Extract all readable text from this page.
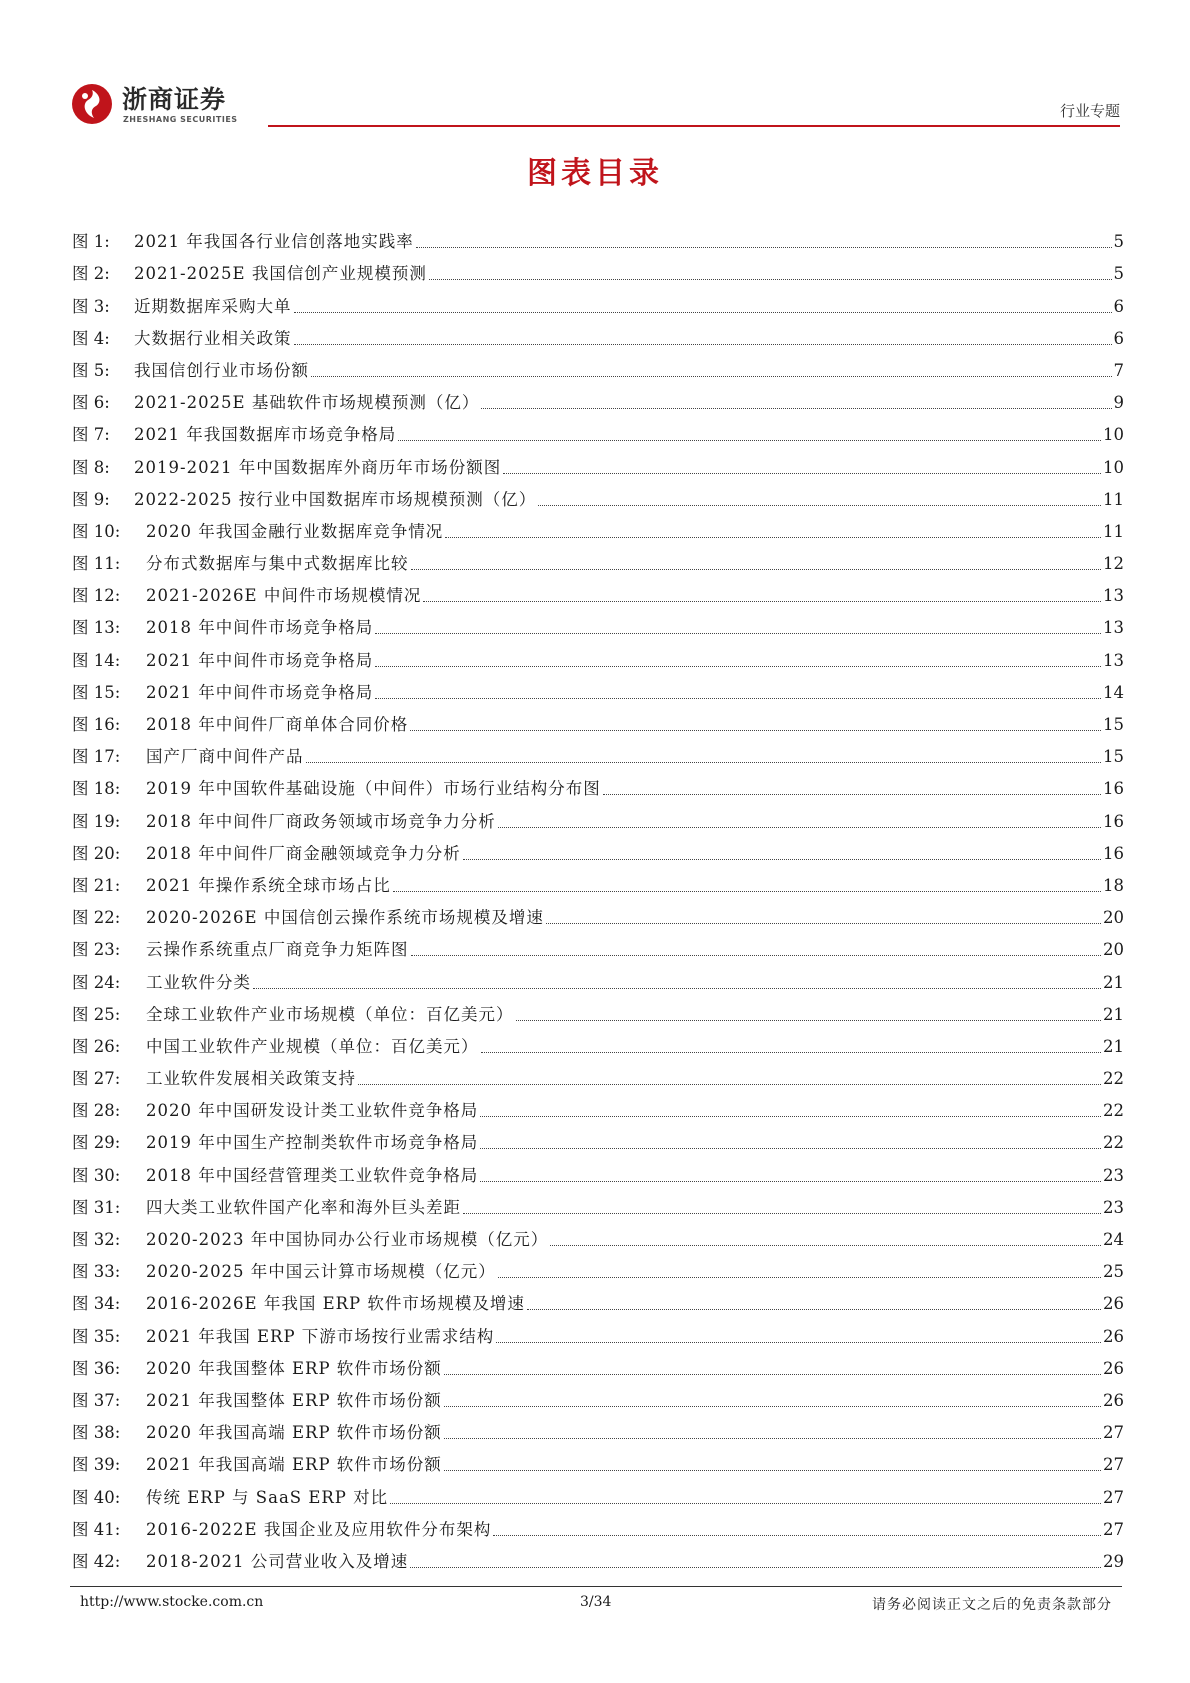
浙商证券
ZHESHANG SECURITIES	行业专题
图表目录
图 1:	2021 年我国各行业信创落地实践率	5
图 2:	2021-2025E 我国信创产业规模预测	5
图 3:	近期数据库采购大单	6
图 4:	大数据行业相关政策	6
图 5:	我国信创行业市场份额	7
图 6:	2021-2025E 基础软件市场规模预测（亿）	9
图 7:	2021 年我国数据库市场竞争格局	10
图 8:	2019-2021 年中国数据库外商历年市场份额图	10
图 9:	2022-2025 按行业中国数据库市场规模预测（亿）	11
图 10:	2020 年我国金融行业数据库竞争情况	11
图 11:	分布式数据库与集中式数据库比较	12
图 12:	2021-2026E 中间件市场规模情况	13
图 13:	2018 年中间件市场竞争格局	13
图 14:	2021 年中间件市场竞争格局	13
图 15:	2021 年中间件市场竞争格局	14
图 16:	2018 年中间件厂商单体合同价格	15
图 17:	国产厂商中间件产品	15
图 18:	2019 年中国软件基础设施（中间件）市场行业结构分布图	16
图 19:	2018 年中间件厂商政务领域市场竞争力分析	16
图 20:	2018 年中间件厂商金融领域竞争力分析	16
图 21:	2021 年操作系统全球市场占比	18
图 22:	2020-2026E 中国信创云操作系统市场规模及增速	20
图 23:	云操作系统重点厂商竞争力矩阵图	20
图 24:	工业软件分类	21
图 25:	全球工业软件产业市场规模（单位：百亿美元）	21
图 26:	中国工业软件产业规模（单位：百亿美元）	21
图 27:	工业软件发展相关政策支持	22
图 28:	2020 年中国研发设计类工业软件竞争格局	22
图 29:	2019 年中国生产控制类软件市场竞争格局	22
图 30:	2018 年中国经营管理类工业软件竞争格局	23
图 31:	四大类工业软件国产化率和海外巨头差距	23
图 32:	2020-2023 年中国协同办公行业市场规模（亿元）	24
图 33:	2020-2025 年中国云计算市场规模（亿元）	25
图 34:	2016-2026E 年我国 ERP 软件市场规模及增速	26
图 35:	2021 年我国 ERP 下游市场按行业需求结构	26
图 36:	2020 年我国整体 ERP 软件市场份额	26
图 37:	2021 年我国整体 ERP 软件市场份额	26
图 38:	2020 年我国高端 ERP 软件市场份额	27
图 39:	2021 年我国高端 ERP 软件市场份额	27
图 40:	传统 ERP 与 SaaS ERP 对比	27
图 41:	2016-2022E 我国企业及应用软件分布架构	27
图 42:	2018-2021 公司营业收入及增速	29
http://www.stocke.com.cn	3/34	请务必阅读正文之后的免责条款部分
